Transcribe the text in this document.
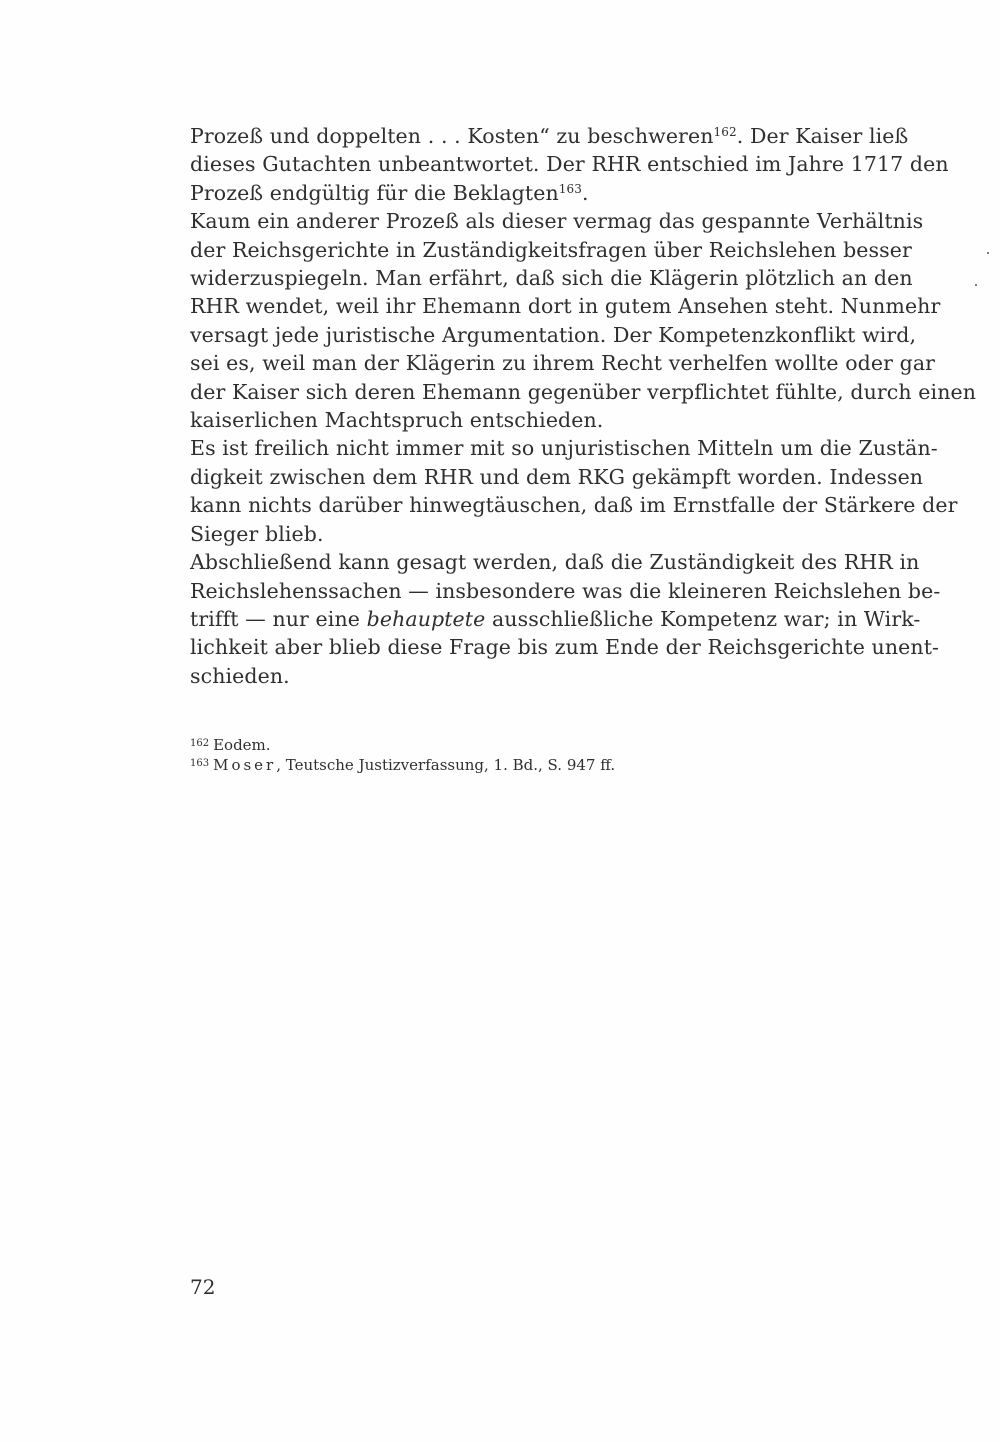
Prozeß und doppelten . . . Kosten“ zu beschweren$^{162}$. Der Kaiser ließ
dieses Gutachten unbeantwortet. Der RHR entschied im Jahre 1717 den
Prozeß endgültig für die Beklagten$^{163}$.
Kaum ein anderer Prozeß als dieser vermag das gespannte Verhältnis
der Reichsgerichte in Zuständigkeitsfragen über Reichslehen besser
widerzuspiegeln. Man erfährt, daß sich die Klägerin plötzlich an den
RHR wendet, weil ihr Ehemann dort in gutem Ansehen steht. Nunmehr
versagt jede juristische Argumentation. Der Kompetenzkonflikt wird,
sei es, weil man der Klägerin zu ihrem Recht verhelfen wollte oder gar
der Kaiser sich deren Ehemann gegenüber verpflichtet fühlte, durch einen
kaiserlichen Machtspruch entschieden.
Es ist freilich nicht immer mit so unjuristischen Mitteln um die Zustän-
digkeit zwischen dem RHR und dem RKG gekämpft worden. Indessen
kann nichts darüber hinwegtäuschen, daß im Ernstfalle der Stärkere der
Sieger blieb.
Abschließend kann gesagt werden, daß die Zuständigkeit des RHR in
Reichslehenssachen — insbesondere was die kleineren Reichslehen be-
trifft — nur eine behauptete ausschließliche Kompetenz war; in Wirk-
lichkeit aber blieb diese Frage bis zum Ende der Reichsgerichte unent-
schieden.
$^{162}$ Eodem.
$^{163}$ Moser, Teutsche Justizverfassung, 1. Bd., S. 947 ff.
72
